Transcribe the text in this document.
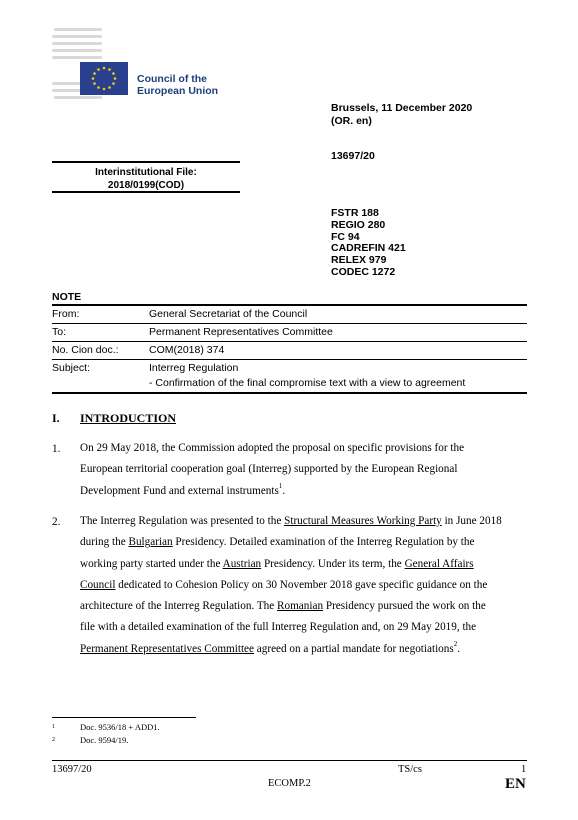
Council of the
European Union
Brussels, 11 December 2020
(OR. en)
13697/20
FSTR 188
REGIO 280
FC 94
CADREFIN 421
RELEX 979
CODEC 1272
Interinstitutional File:
2018/0199(COD)
NOTE
From:	General Secretariat of the Council
To:	Permanent Representatives Committee
No. Cion doc.:	COM(2018) 374
Subject:	Interreg Regulation
- Confirmation of the final compromise text with a view to agreement
I. INTRODUCTION
1. On 29 May 2018, the Commission adopted the proposal on specific provisions for the
European territorial cooperation goal (Interreg) supported by the European Regional
Development Fund and external instruments$^1$.
2. The Interreg Regulation was presented to the Structural Measures Working Party in June 2018
during the Bulgarian Presidency. Detailed examination of the Interreg Regulation by the
working party started under the Austrian Presidency. Under its term, the General Affairs
Council dedicated to Cohesion Policy on 30 November 2018 gave specific guidance on the
architecture of the Interreg Regulation. The Romanian Presidency pursued the work on the
file with a detailed examination of the full Interreg Regulation and, on 29 May 2019, the
Permanent Representatives Committee agreed on a partial mandate for negotiations$^2$.
1	Doc. 9536/18 + ADD1.
2	Doc. 9594/19.
13697/20	TS/cs	1
ECOMP.2	EN
